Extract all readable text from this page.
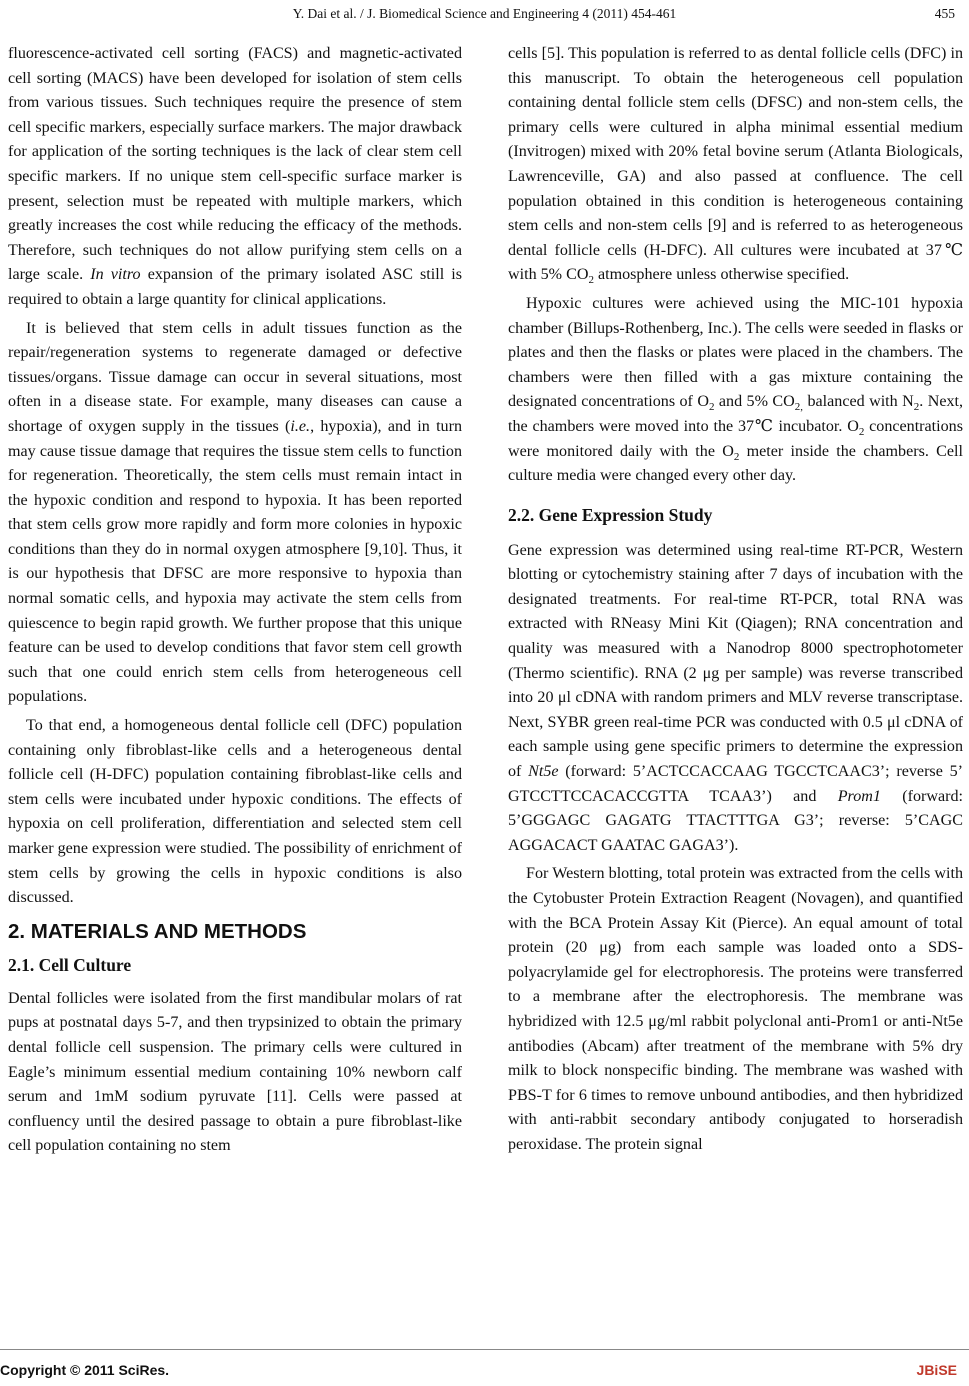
Y. Dai et al. / J. Biomedical Science and Engineering 4 (2011) 454-461	455

fluorescence-activated cell sorting (FACS) and magnetic-activated cell sorting (MACS) have been developed for isolation of stem cells from various tissues. Such techniques require the presence of stem cell specific markers, especially surface markers. The major drawback for application of the sorting techniques is the lack of clear stem cell specific markers. If no unique stem cell-specific surface marker is present, selection must be repeated with multiple markers, which greatly increases the cost while reducing the efficacy of the methods. Therefore, such techniques do not allow purifying stem cells on a large scale. In vitro expansion of the primary isolated ASC still is required to obtain a large quantity for clinical applications.

It is believed that stem cells in adult tissues function as the repair/regeneration systems to regenerate damaged or defective tissues/organs. Tissue damage can occur in several situations, most often in a disease state. For example, many diseases can cause a shortage of oxygen supply in the tissues (i.e., hypoxia), and in turn may cause tissue damage that requires the tissue stem cells to function for regeneration. Theoretically, the stem cells must remain intact in the hypoxic condition and respond to hypoxia. It has been reported that stem cells grow more rapidly and form more colonies in hypoxic conditions than they do in normal oxygen atmosphere [9,10]. Thus, it is our hypothesis that DFSC are more responsive to hypoxia than normal somatic cells, and hypoxia may activate the stem cells from quiescence to begin rapid growth. We further propose that this unique feature can be used to develop conditions that favor stem cell growth such that one could enrich stem cells from heterogeneous cell populations.

To that end, a homogeneous dental follicle cell (DFC) population containing only fibroblast-like cells and a heterogeneous dental follicle cell (H-DFC) population containing fibroblast-like cells and stem cells were incubated under hypoxic conditions. The effects of hypoxia on cell proliferation, differentiation and selected stem cell marker gene expression were studied. The possibility of enrichment of stem cells by growing the cells in hypoxic conditions is also discussed.

2. MATERIALS AND METHODS
2.1. Cell Culture

Dental follicles were isolated from the first mandibular molars of rat pups at postnatal days 5-7, and then trypsinized to obtain the primary dental follicle cell suspension. The primary cells were cultured in Eagle’s minimum essential medium containing 10% newborn calf serum and 1mM sodium pyruvate [11]. Cells were passed at confluency until the desired passage to obtain a pure fibroblast-like cell population containing no stem

cells [5]. This population is referred to as dental follicle cells (DFC) in this manuscript. To obtain the heterogeneous cell population containing dental follicle stem cells (DFSC) and non-stem cells, the primary cells were cultured in alpha minimal essential medium (Invitrogen) mixed with 20% fetal bovine serum (Atlanta Biologicals, Lawrenceville, GA) and also passed at confluence. The cell population obtained in this condition is heterogeneous containing stem cells and non-stem cells [9] and is referred to as heterogeneous dental follicle cells (H-DFC). All cultures were incubated at 37℃ with 5% $CO_2$ atmosphere unless otherwise specified.

Hypoxic cultures were achieved using the MIC-101 hypoxia chamber (Billups-Rothenberg, Inc.). The cells were seeded in flasks or plates and then the flasks or plates were placed in the chambers. The chambers were then filled with a gas mixture containing the designated concentrations of $O_2$ and 5% $CO_{2,}$ balanced with $N_2$. Next, the chambers were moved into the 37℃ incubator. $O_2$ concentrations were monitored daily with the $O_2$ meter inside the chambers. Cell culture media were changed every other day.

2.2. Gene Expression Study

Gene expression was determined using real-time RT-PCR, Western blotting or cytochemistry staining after 7 days of incubation with the designated treatments. For real-time RT-PCR, total RNA was extracted with RNeasy Mini Kit (Qiagen); RNA concentration and quality was measured with a Nanodrop 8000 spectrophotometer (Thermo scientific). RNA (2 μg per sample) was reverse transcribed into 20 μl cDNA with random primers and MLV reverse transcriptase. Next, SYBR green real-time PCR was conducted with 0.5 μl cDNA of each sample using gene specific primers to determine the expression of Nt5e (forward: 5’ACTCCACCAAG TGCCTCAAC3’; reverse 5’ GTCCTTCCACACCGTTA TCAA3’) and Prom1 (forward: 5’GGGAGC GAGATG TTACTTTGA G3’; reverse: 5’CAGC AGGACACT GAATAC GAGA3’).

For Western blotting, total protein was extracted from the cells with the Cytobuster Protein Extraction Reagent (Novagen), and quantified with the BCA Protein Assay Kit (Pierce). An equal amount of total protein (20 μg) from each sample was loaded onto a SDS-polyacrylamide gel for electrophoresis. The proteins were transferred to a membrane after the electrophoresis. The membrane was hybridized with 12.5 μg/ml rabbit polyclonal anti-Prom1 or anti-Nt5e antibodies (Abcam) after treatment of the membrane with 5% dry milk to block nonspecific binding. The membrane was washed with PBS-T for 6 times to remove unbound antibodies, and then hybridized with anti-rabbit secondary antibody conjugated to horseradish peroxidase. The protein signal

Copyright © 2011 SciRes.	JBiSE
